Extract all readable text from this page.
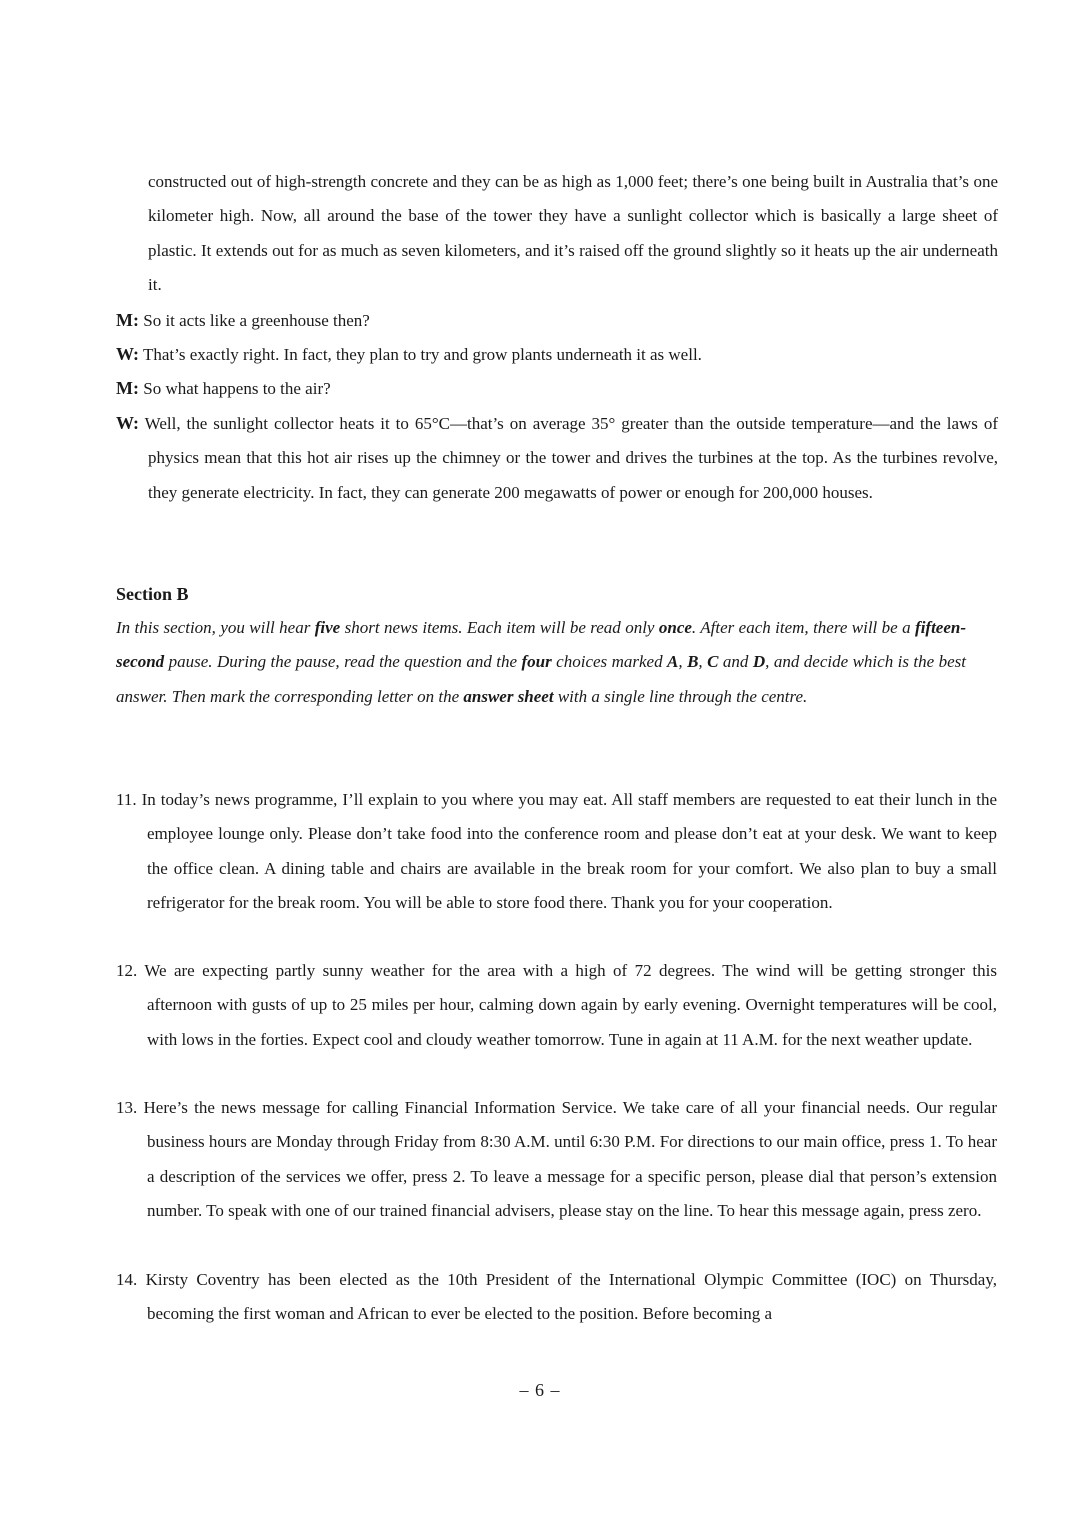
constructed out of high-strength concrete and they can be as high as 1,000 feet; there’s one being built in Australia that’s one kilometer high. Now, all around the base of the tower they have a sunlight collector which is basically a large sheet of plastic. It extends out for as much as seven kilometers, and it’s raised off the ground slightly so it heats up the air underneath it.
M: So it acts like a greenhouse then?
W: That’s exactly right. In fact, they plan to try and grow plants underneath it as well.
M: So what happens to the air?
W: Well, the sunlight collector heats it to 65°C—that’s on average 35° greater than the outside temperature—and the laws of physics mean that this hot air rises up the chimney or the tower and drives the turbines at the top. As the turbines revolve, they generate electricity. In fact, they can generate 200 megawatts of power or enough for 200,000 houses.
Section B
In this section, you will hear five short news items. Each item will be read only once. After each item, there will be a fifteen-second pause. During the pause, read the question and the four choices marked A, B, C and D, and decide which is the best answer. Then mark the corresponding letter on the answer sheet with a single line through the centre.
11. In today’s news programme, I’ll explain to you where you may eat. All staff members are requested to eat their lunch in the employee lounge only. Please don’t take food into the conference room and please don’t eat at your desk. We want to keep the office clean. A dining table and chairs are available in the break room for your comfort. We also plan to buy a small refrigerator for the break room. You will be able to store food there. Thank you for your cooperation.
12. We are expecting partly sunny weather for the area with a high of 72 degrees. The wind will be getting stronger this afternoon with gusts of up to 25 miles per hour, calming down again by early evening. Overnight temperatures will be cool, with lows in the forties. Expect cool and cloudy weather tomorrow. Tune in again at 11 A.M. for the next weather update.
13. Here’s the news message for calling Financial Information Service. We take care of all your financial needs. Our regular business hours are Monday through Friday from 8:30 A.M. until 6:30 P.M. For directions to our main office, press 1. To hear a description of the services we offer, press 2. To leave a message for a specific person, please dial that person’s extension number. To speak with one of our trained financial advisers, please stay on the line. To hear this message again, press zero.
14. Kirsty Coventry has been elected as the 10th President of the International Olympic Committee (IOC) on Thursday, becoming the first woman and African to ever be elected to the position. Before becoming a
– 6 –
